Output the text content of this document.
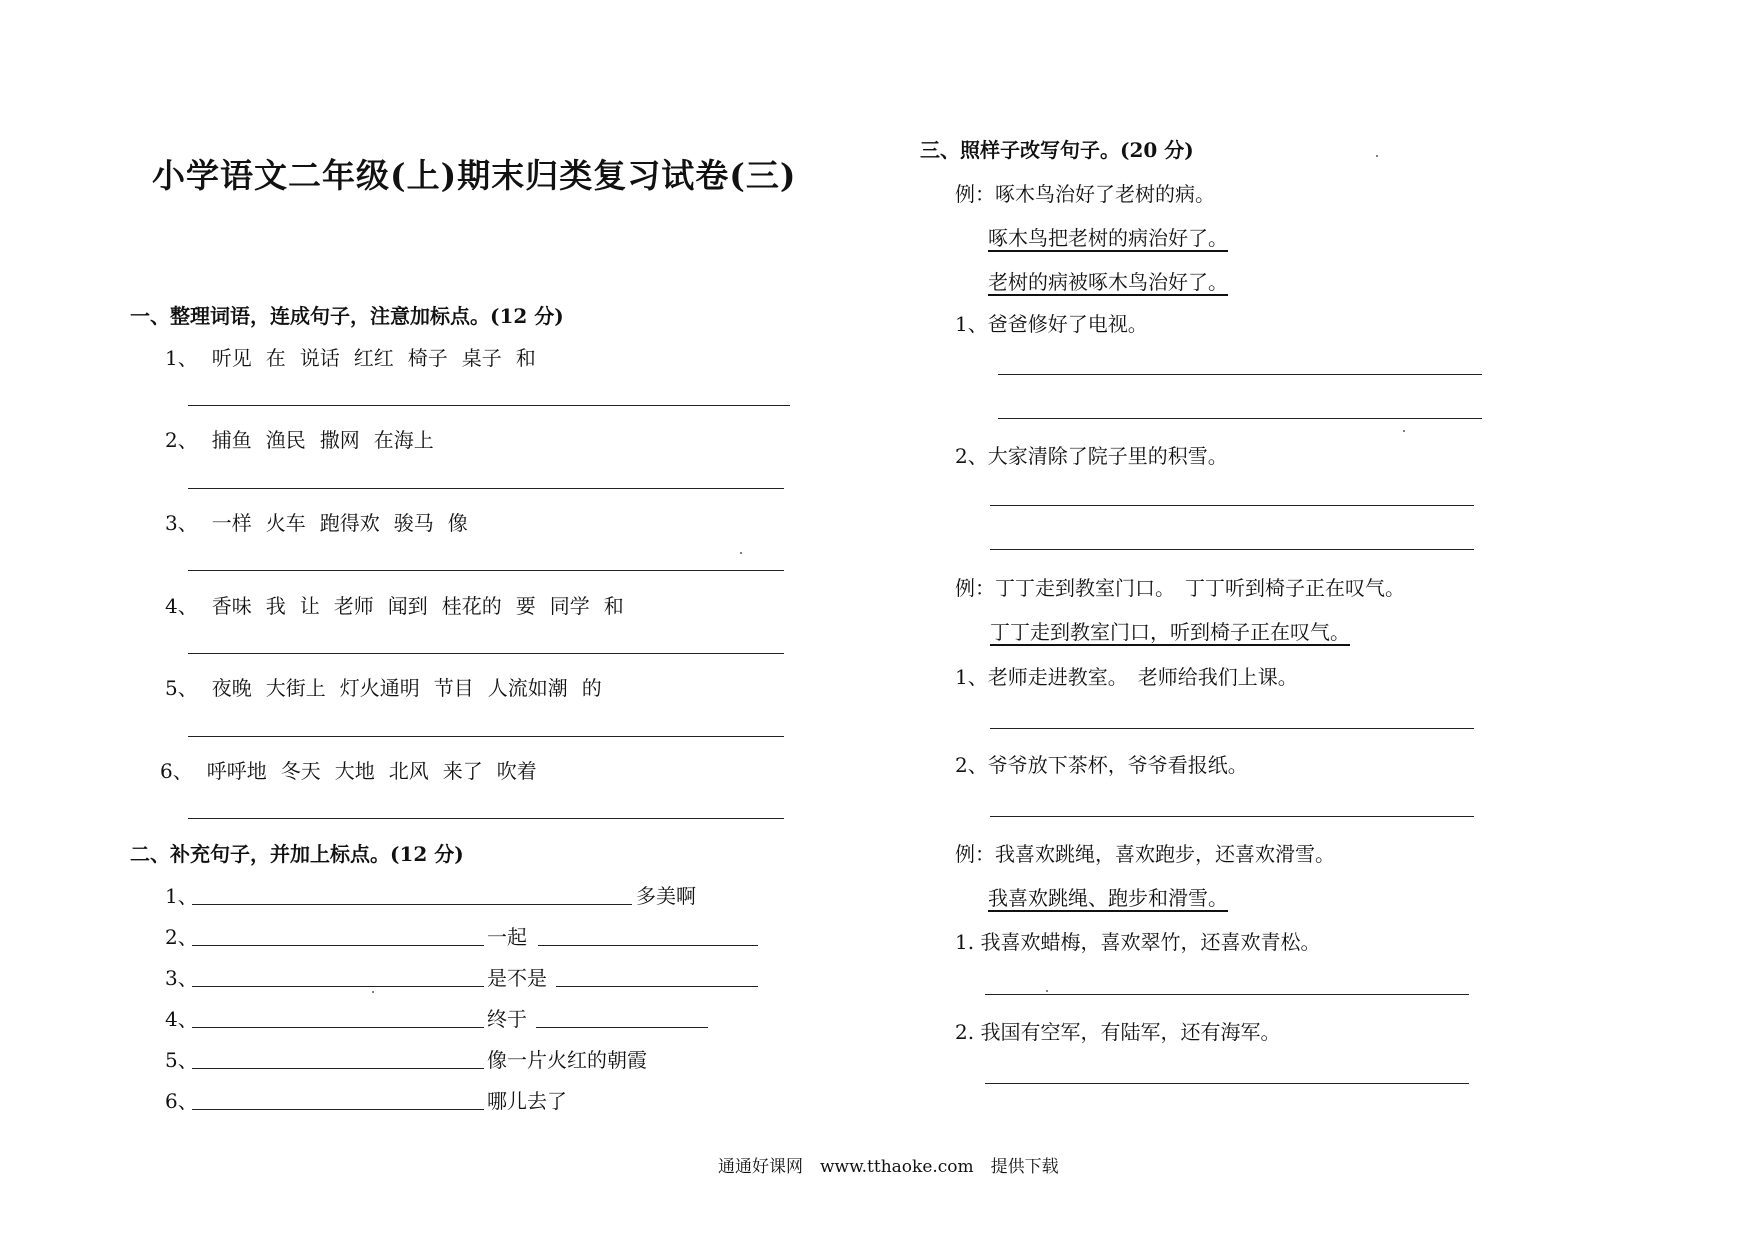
小学语文二年级(上)期末归类复习试卷(三)
一、整理词语，连成句子，注意加标点。(12 分)
1、 听见 在 说话 红红 椅子 桌子 和
2、 捕鱼 渔民 撒网 在海上
3、 一样 火车 跑得欢 骏马 像
4、 香味 我 让 老师 闻到 桂花的 要 同学 和
5、 夜晚 大街上 灯火通明 节目 人流如潮 的
6、 呼呼地 冬天 大地 北风 来了 吹着
二、补充句子，并加上标点。(12 分)
1、	多美啊
2、	一起
3、	是不是
4、	终于
5、	像一片火红的朝霞
6、	哪儿去了
三、照样子改写句子。(20 分)
例：啄木鸟治好了老树的病。
啄木鸟把老树的病治好了。
老树的病被啄木鸟治好了。
1、爸爸修好了电视。
2、大家清除了院子里的积雪。
例：丁丁走到教室门口。　丁丁听到椅子正在叹气。
丁丁走到教室门口，听到椅子正在叹气。
1、老师走进教室。　老师给我们上课。
2、爷爷放下茶杯，爷爷看报纸。
例：我喜欢跳绳，喜欢跑步，还喜欢滑雪。
我喜欢跳绳、跑步和滑雪。
1. 我喜欢蜡梅，喜欢翠竹，还喜欢青松。
2. 我国有空军，有陆军，还有海军。
通通好课网　www.tthaoke.com　提供下载
